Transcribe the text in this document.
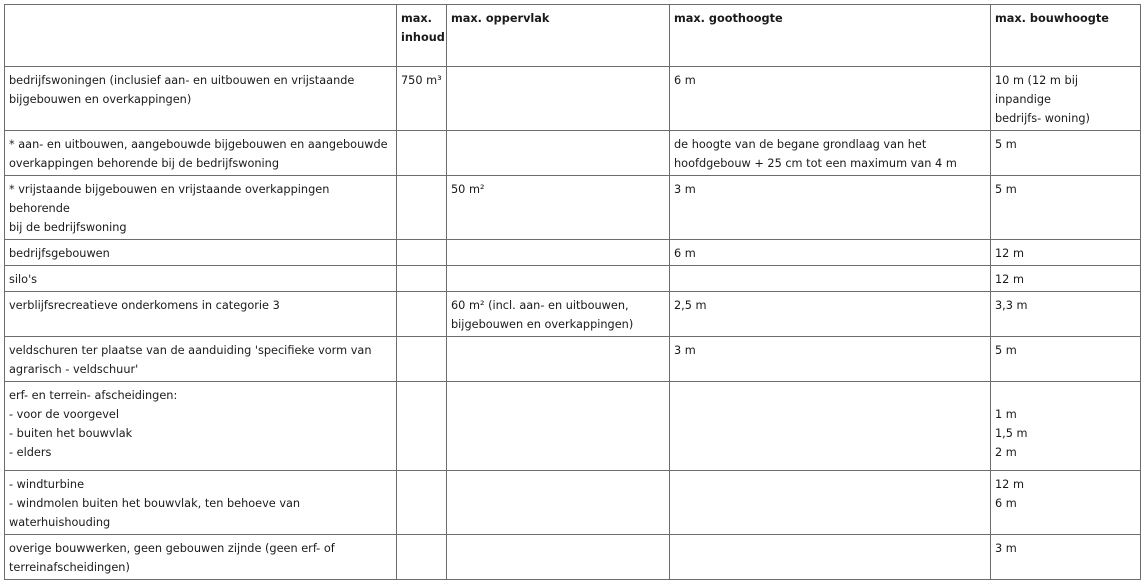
	max. inhoud	max. oppervlak	max. goothoogte	max. bouwhoogte

bedrijfswoningen (inclusief aan- en uitbouwen en vrijstaande
bijgebouwen en overkappingen)	750 m³		6 m	10 m (12 m bij inpandige
bedrijfs- woning)

* aan- en uitbouwen, aangebouwde bijgebouwen en aangebouwde
overkappingen behorende bij de bedrijfswoning			de hoogte van de begane grondlaag van het
hoofdgebouw + 25 cm tot een maximum van 4 m	5 m

* vrijstaande bijgebouwen en vrijstaande overkappingen behorende
bij de bedrijfswoning		50 m²	3 m	5 m

bedrijfsgebouwen			6 m	12 m

silo's				12 m

verblijfsrecreatieve onderkomens in categorie 3		60 m² (incl. aan- en uitbouwen,
bijgebouwen en overkappingen)	2,5 m	3,3 m

veldschuren ter plaatse van de aanduiding 'specifieke vorm van
agrarisch - veldschuur'			3 m	5 m

erf- en terrein- afscheidingen:
- voor de voorgevel
- buiten het bouwvlak
- elders				1 m
1,5 m
2 m

- windturbine
- windmolen buiten het bouwvlak, ten behoeve van
waterhuishouding				12 m
6 m

overige bouwwerken, geen gebouwen zijnde (geen erf- of
terreinafscheidingen)				3 m
